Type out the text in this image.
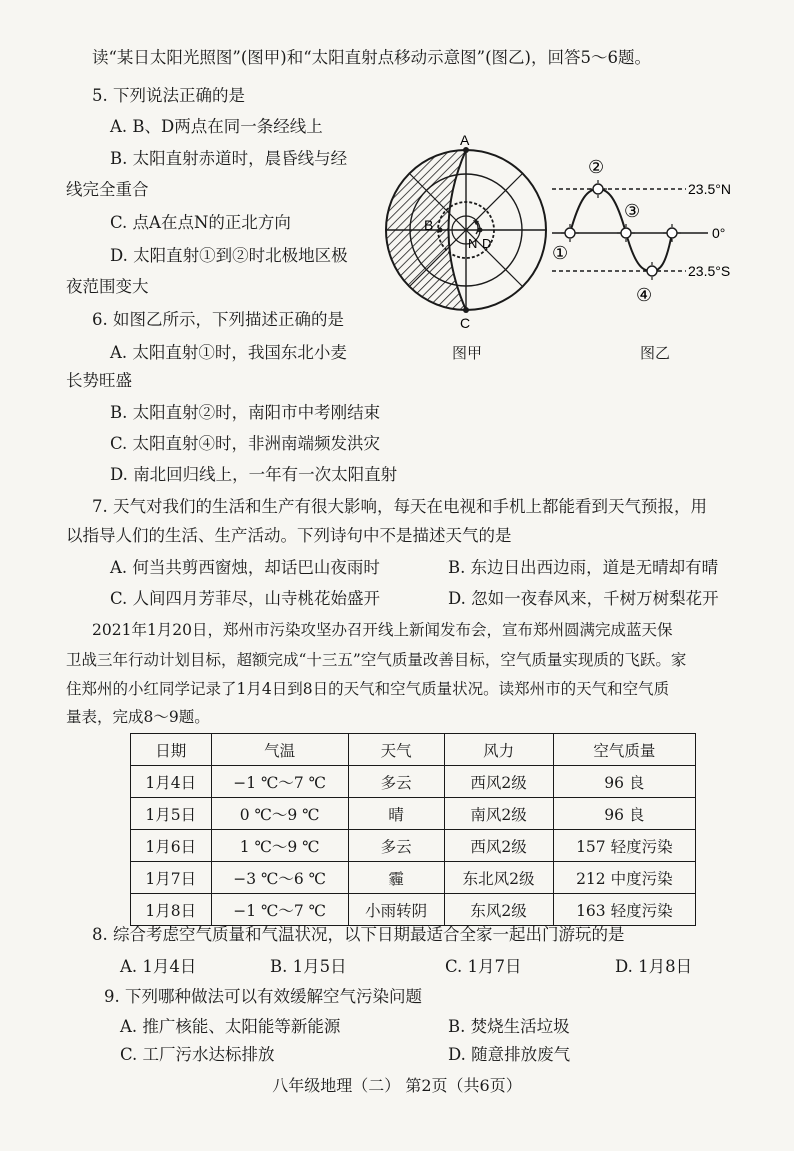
读“某日太阳光照图”(图甲)和“太阳直射点移动示意图”(图乙)，回答5～6题。
5. 下列说法正确的是
A. B、D两点在同一条经线上
B. 太阳直射赤道时，晨昏线与经
线完全重合
C. 点A在点N的正北方向
D. 太阳直射①到②时北极地区极
夜范围变大
6. 如图乙所示，下列描述正确的是
A. 太阳直射①时，我国东北小麦
长势旺盛
B. 太阳直射②时，南阳市中考刚结束
C. 太阳直射④时，非洲南端频发洪灾
D. 南北回归线上，一年有一次太阳直射
A
B
C
N D
图甲
①
②
③
④
23.5°N
0°
23.5°S
图乙
7. 天气对我们的生活和生产有很大影响，每天在电视和手机上都能看到天气预报，用
以指导人们的生活、生产活动。下列诗句中不是描述天气的是
A. 何当共剪西窗烛，却话巴山夜雨时	B. 东边日出西边雨，道是无晴却有晴
C. 人间四月芳菲尽，山寺桃花始盛开	D. 忽如一夜春风来，千树万树梨花开
2021年1月20日，郑州市污染攻坚办召开线上新闻发布会，宣布郑州圆满完成蓝天保
卫战三年行动计划目标，超额完成“十三五”空气质量改善目标，空气质量实现质的飞跃。家
住郑州的小红同学记录了1月4日到8日的天气和空气质量状况。读郑州市的天气和空气质
量表，完成8～9题。
日期	气温	天气	风力	空气质量
1月4日	−1 ℃～7 ℃	多云	西风2级	96 良
1月5日	0 ℃～9 ℃	晴	南风2级	96 良
1月6日	1 ℃～9 ℃	多云	西风2级	157 轻度污染
1月7日	−3 ℃～6 ℃	霾	东北风2级	212 中度污染
1月8日	−1 ℃～7 ℃	小雨转阴	东风2级	163 轻度污染
8. 综合考虑空气质量和气温状况，以下日期最适合全家一起出门游玩的是
A. 1月4日	B. 1月5日	C. 1月7日	D. 1月8日
9. 下列哪种做法可以有效缓解空气污染问题
A. 推广核能、太阳能等新能源	B. 焚烧生活垃圾
C. 工厂污水达标排放	D. 随意排放废气
八年级地理（二） 第2页（共6页）
